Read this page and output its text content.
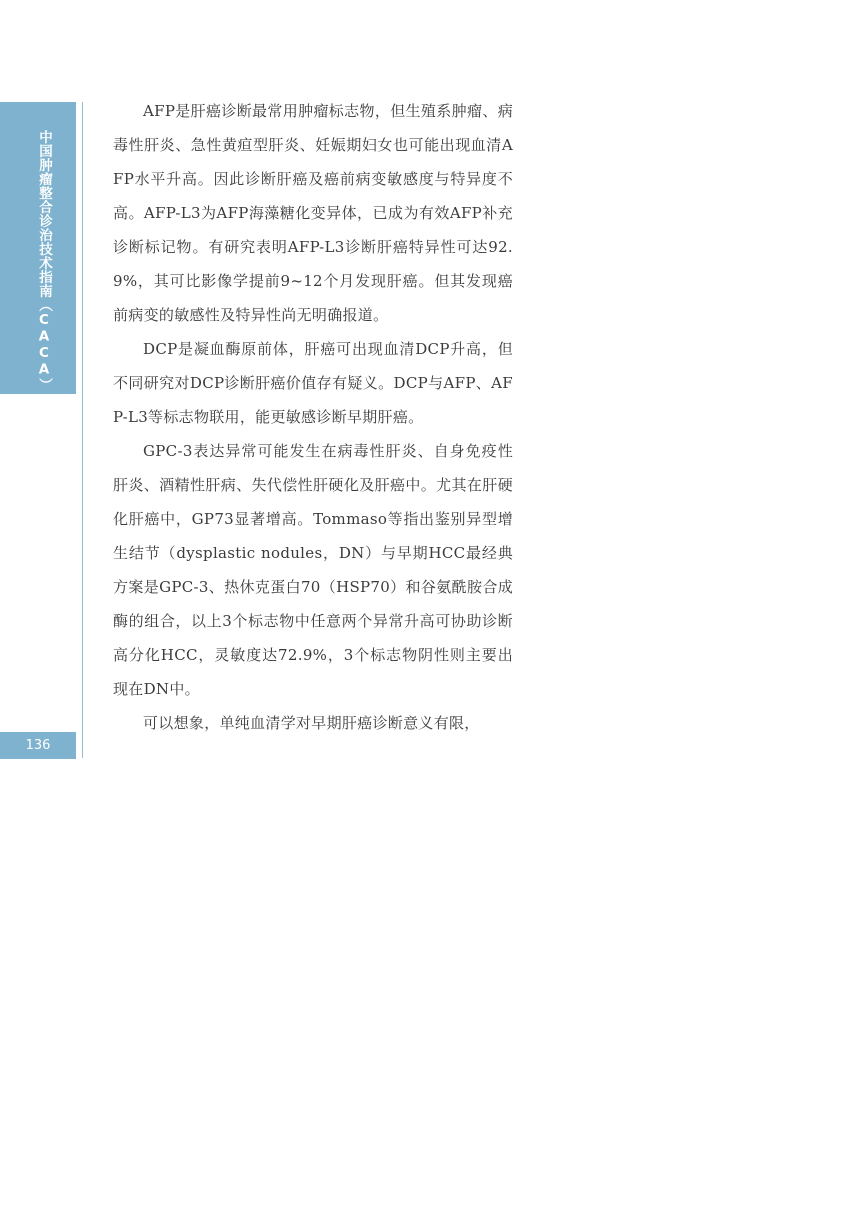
中国肿瘤整合诊治技术指南（CACA）
136

AFP是肝癌诊断最常用肿瘤标志物，但生殖系肿瘤、病毒性肝炎、急性黄疸型肝炎、妊娠期妇女也可能出现血清AFP水平升高。因此诊断肝癌及癌前病变敏感度与特异度不高。AFP-L3为AFP海藻糖化变异体，已成为有效AFP补充诊断标记物。有研究表明AFP-L3诊断肝癌特异性可达92.9%，其可比影像学提前9~12个月发现肝癌。但其发现癌前病变的敏感性及特异性尚无明确报道。

DCP是凝血酶原前体，肝癌可出现血清DCP升高，但不同研究对DCP诊断肝癌价值存有疑义。DCP与AFP、AFP-L3等标志物联用，能更敏感诊断早期肝癌。

GPC-3表达异常可能发生在病毒性肝炎、自身免疫性肝炎、酒精性肝病、失代偿性肝硬化及肝癌中。尤其在肝硬化肝癌中，GP73显著增高。Tommaso等指出鉴别异型增生结节（dysplastic nodules，DN）与早期HCC最经典方案是GPC-3、热休克蛋白70（HSP70）和谷氨酰胺合成酶的组合，以上3个标志物中任意两个异常升高可协助诊断高分化HCC，灵敏度达72.9%，3个标志物阴性则主要出现在DN中。

可以想象，单纯血清学对早期肝癌诊断意义有限，
